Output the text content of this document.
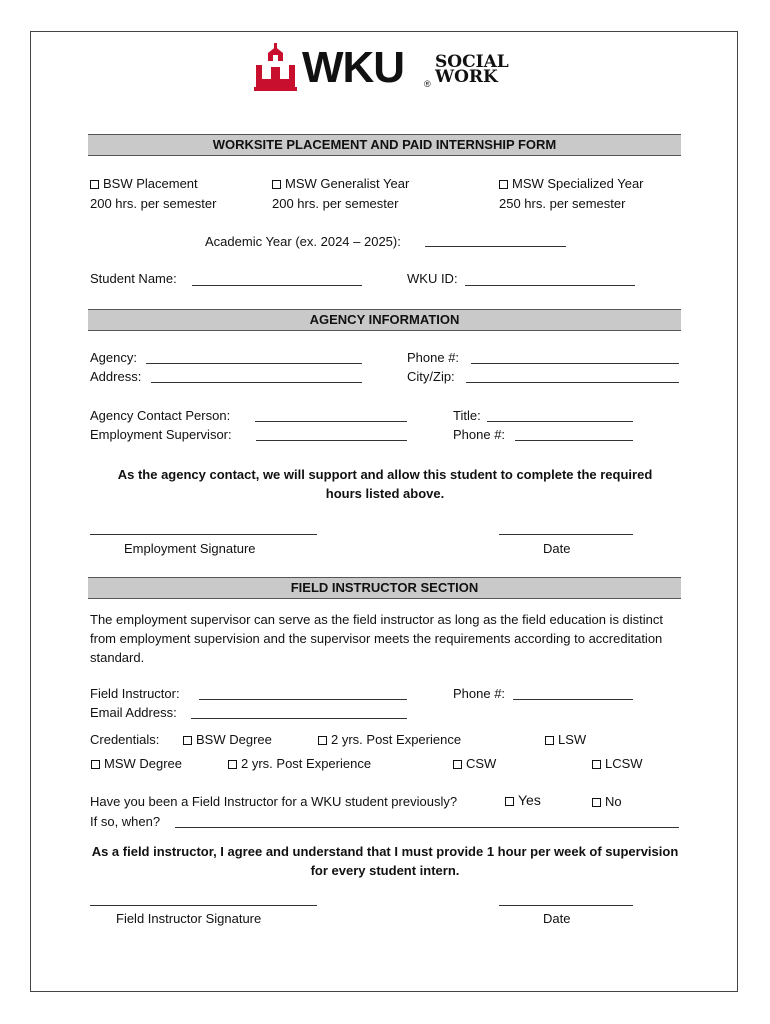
WKU ®
SOCIAL
WORK
WORKSITE PLACEMENT AND PAID INTERNSHIP FORM
BSW Placement
200 hrs. per semester
MSW Generalist Year
200 hrs. per semester
MSW Specialized Year
250 hrs. per semester
Academic Year (ex. 2024 – 2025):
Student Name:	WKU ID:
AGENCY INFORMATION
Agency:	Phone #:
Address:	City/Zip:
Agency Contact Person:	Title:
Employment Supervisor:	Phone #:
As the agency contact, we will support and allow this student to complete the required hours listed above.
Employment Signature	Date
FIELD INSTRUCTOR SECTION
The employment supervisor can serve as the field instructor as long as the field education is distinct from employment supervision and the supervisor meets the requirements according to accreditation standard.
Field Instructor:	Phone #:
Email Address:
Credentials:	BSW Degree	2 yrs. Post Experience	LSW
MSW Degree	2 yrs. Post Experience	CSW	LCSW
Have you been a Field Instructor for a WKU student previously?	Yes	No
If so, when?
As a field instructor, I agree and understand that I must provide 1 hour per week of supervision for every student intern.
Field Instructor Signature	Date
